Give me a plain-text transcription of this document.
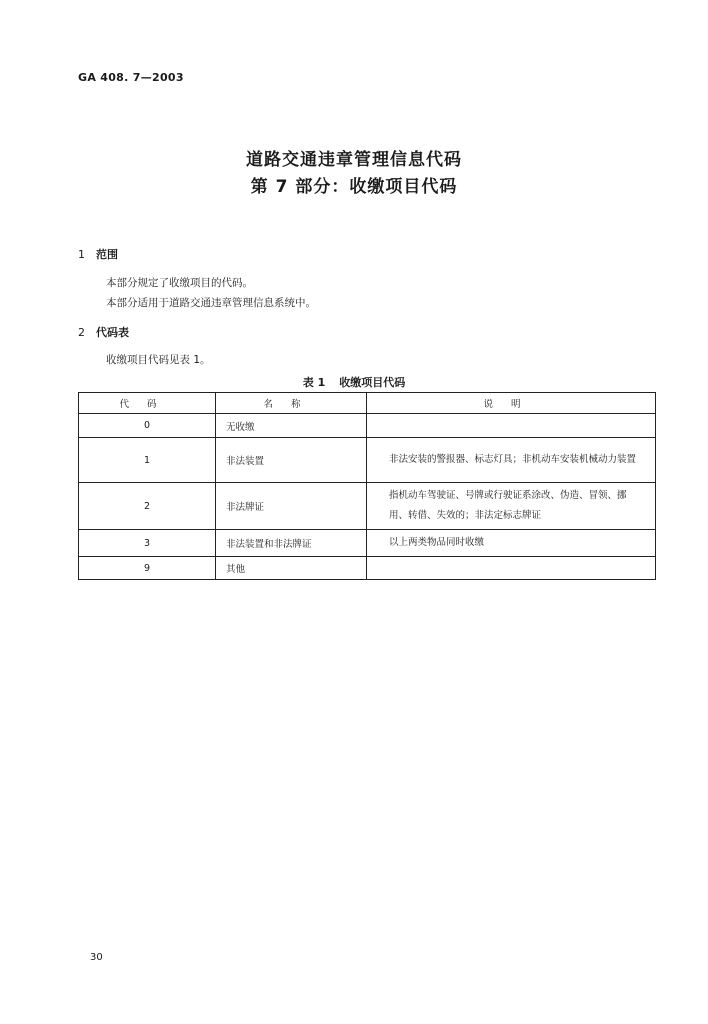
GA 408. 7—2003
道路交通违章管理信息代码
第 7 部分：收缴项目代码
1 范围
本部分规定了收缴项目的代码。
本部分适用于道路交通违章管理信息系统中。
2 代码表
收缴项目代码见表 1。
表 1 收缴项目代码
代码	名称	说明
0	无收缴	
1	非法装置	非法安装的警报器、标志灯具；非机动车安装机械动力装置
2	非法牌证	指机动车驾驶证、号牌或行驶证系涂改、伪造、冒领、挪用、转借、失效的；非法定标志牌证
3	非法装置和非法牌证	以上两类物品同时收缴
9	其他	
30
